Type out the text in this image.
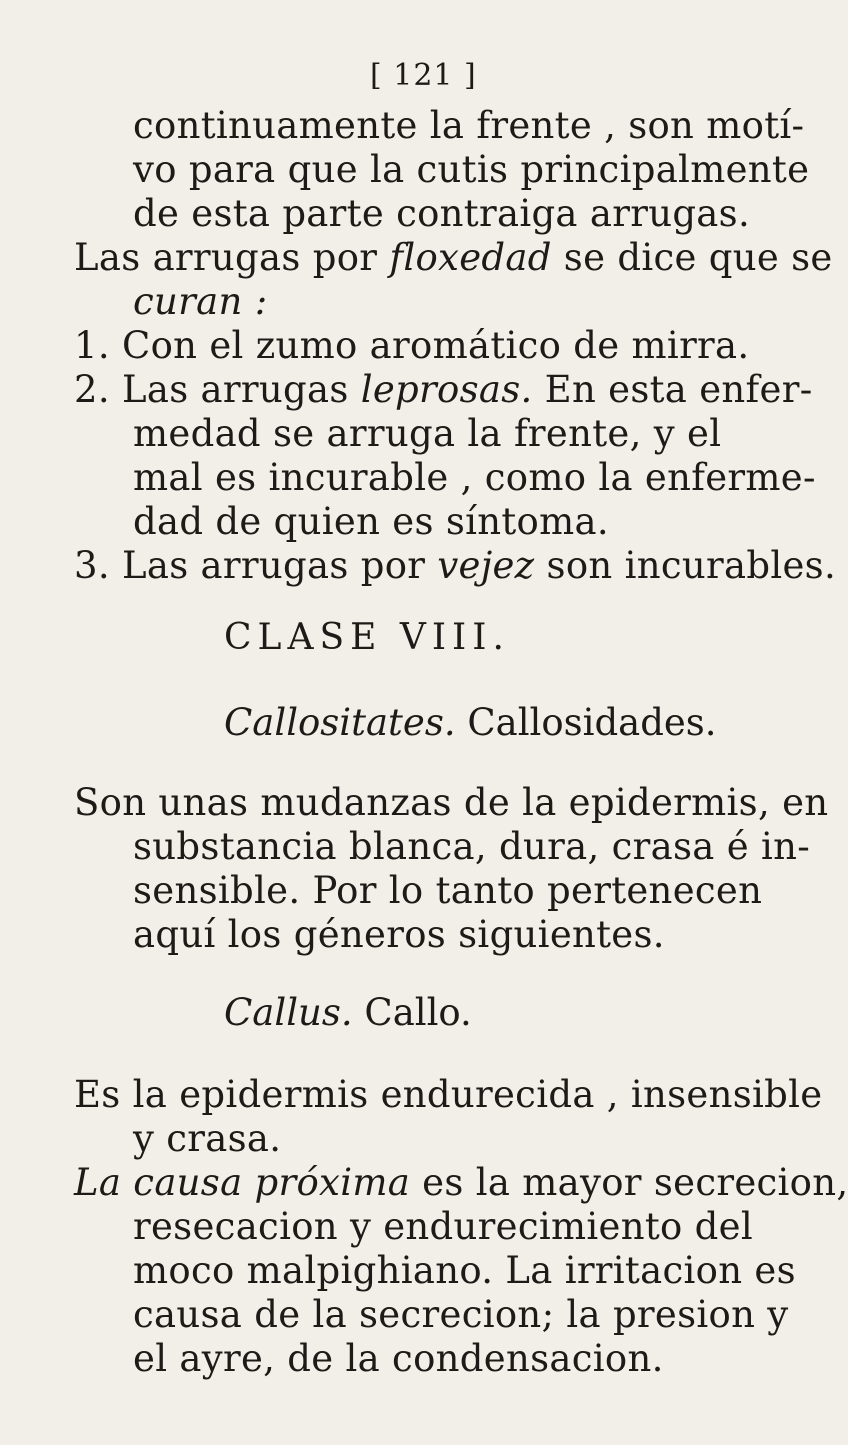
[ 121 ]
continuamente la frente , son motí-
vo para que la cutis principalmente
de esta parte contraiga arrugas.
Las arrugas por floxedad se dice que se
curan :
1. Con el zumo aromático de mirra.
2. Las arrugas leprosas. En esta enfer-
medad se arruga la frente, y el
mal es incurable , como la enferme-
dad de quien es síntoma.
3. Las arrugas por vejez son incurables.
CLASE VIII.
Callositates. Callosidades.
Son unas mudanzas de la epidermis, en
substancia blanca, dura, crasa é in-
sensible. Por lo tanto pertenecen
aquí los géneros siguientes.
Callus. Callo.
Es la epidermis endurecida , insensible
y crasa.
La causa próxima es la mayor secrecion,
resecacion y endurecimiento del
moco malpighiano. La irritacion es
causa de la secrecion; la presion y
el ayre, de la condensacion.
